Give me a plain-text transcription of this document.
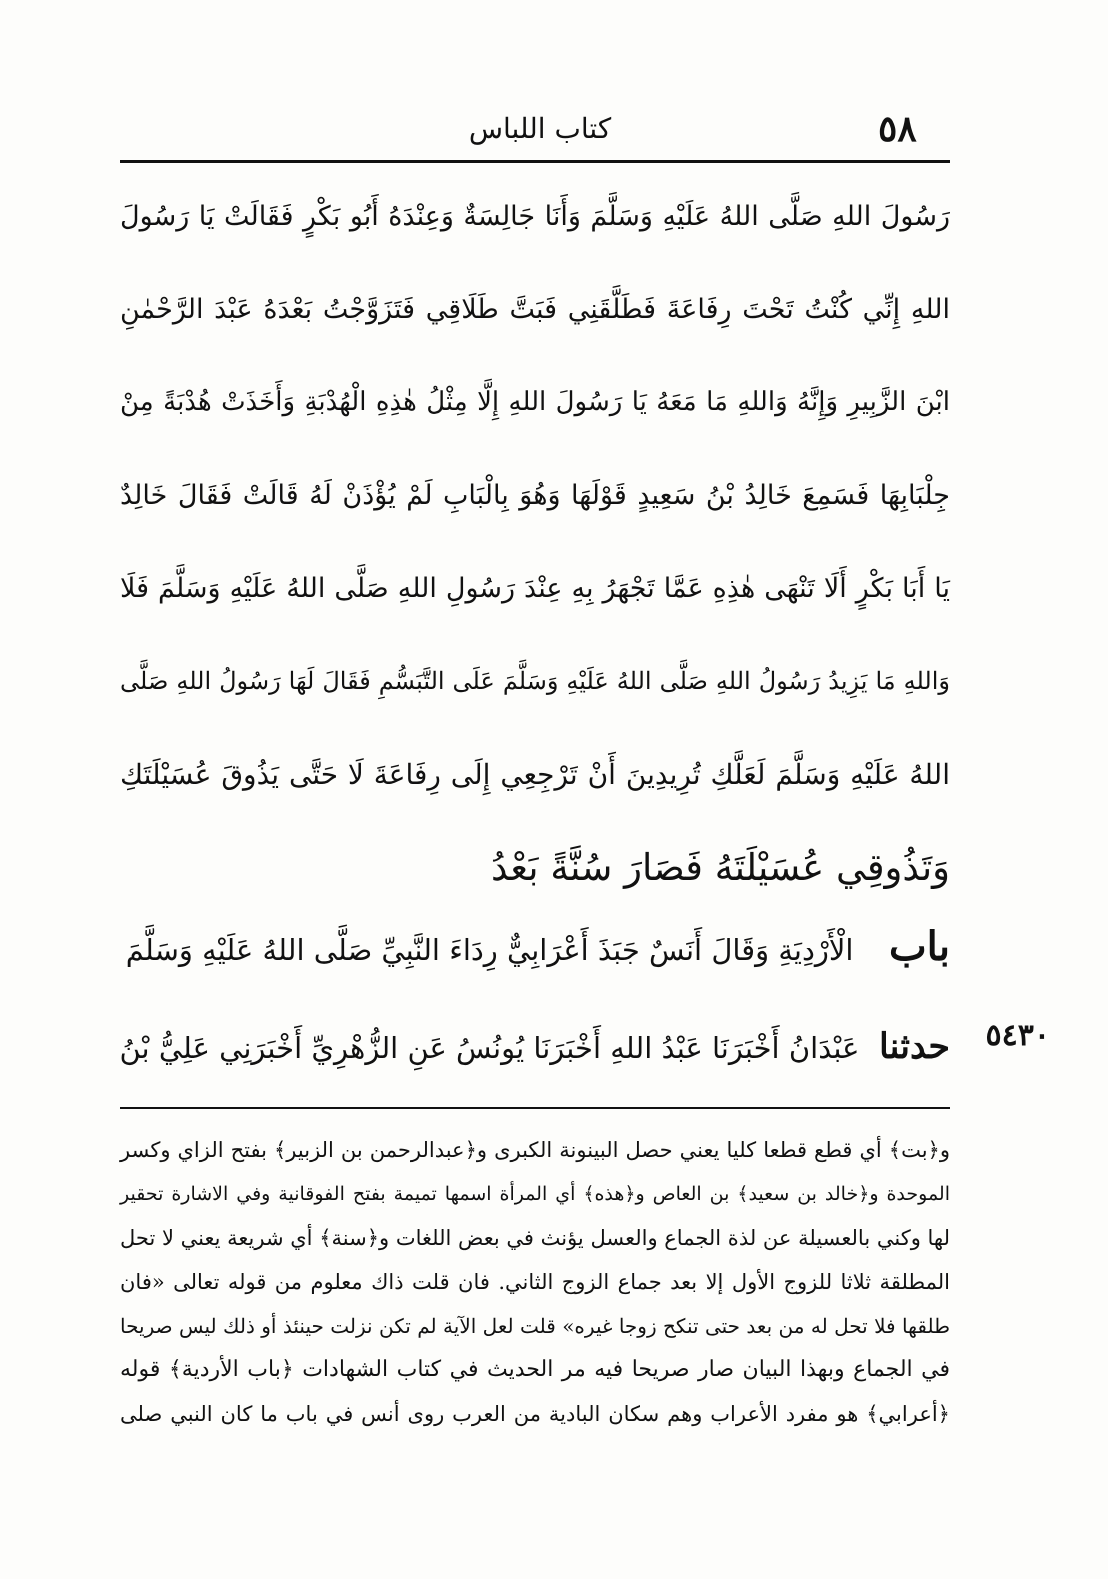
كتاب اللباس	٥٨
رَسُولَ اللهِ صَلَّى اللهُ عَلَيْهِ وَسَلَّمَ وَأَنَا جَالِسَةٌ وَعِنْدَهُ أَبُو بَكْرٍ فَقَالَتْ يَا رَسُولَ
اللهِ إِنِّي كُنْتُ تَحْتَ رِفَاعَةَ فَطَلَّقَنِي فَبَتَّ طَلَاقِي فَتَزَوَّجْتُ بَعْدَهُ عَبْدَ الرَّحْمٰنِ
ابْنَ الزَّبِيرِ وَإِنَّهُ وَاللهِ مَا مَعَهُ يَا رَسُولَ اللهِ إِلَّا مِثْلُ هٰذِهِ الْهُدْبَةِ وَأَخَذَتْ هُدْبَةً مِنْ
جِلْبَابِهَا فَسَمِعَ خَالِدُ بْنُ سَعِيدٍ قَوْلَهَا وَهُوَ بِالْبَابِ لَمْ يُؤْذَنْ لَهُ قَالَتْ فَقَالَ خَالِدٌ
يَا أَبَا بَكْرٍ أَلَا تَنْهَى هٰذِهِ عَمَّا تَجْهَرُ بِهِ عِنْدَ رَسُولِ اللهِ صَلَّى اللهُ عَلَيْهِ وَسَلَّمَ فَلَا
وَاللهِ مَا يَزِيدُ رَسُولُ اللهِ صَلَّى اللهُ عَلَيْهِ وَسَلَّمَ عَلَى التَّبَسُّمِ فَقَالَ لَهَا رَسُولُ اللهِ صَلَّى
اللهُ عَلَيْهِ وَسَلَّمَ لَعَلَّكِ تُرِيدِينَ أَنْ تَرْجِعِي إِلَى رِفَاعَةَ لَا حَتَّى يَذُوقَ عُسَيْلَتَكِ
وَتَذُوقِي عُسَيْلَتَهُ فَصَارَ سُنَّةً بَعْدُ
باب الْأَرْدِيَةِ وَقَالَ أَنَسٌ جَبَذَ أَعْرَابِيٌّ رِدَاءَ النَّبِيِّ صَلَّى اللهُ عَلَيْهِ وَسَلَّمَ
حدثنا عَبْدَانُ أَخْبَرَنَا عَبْدُ اللهِ أَخْبَرَنَا يُونُسُ عَنِ الزُّهْرِيِّ أَخْبَرَنِي عَلِيُّ بْنُ	٥٤٣٠
و﴿بت﴾ أي قطع قطعا كليا يعني حصل البينونة الكبرى و﴿عبدالرحمن بن الزبير﴾ بفتح الزاي وكسر
الموحدة و﴿خالد بن سعيد﴾ بن العاص و﴿هذه﴾ أي المرأة اسمها تميمة بفتح الفوقانية وفي الاشارة تحقير
لها وكني بالعسيلة عن لذة الجماع والعسل يؤنث في بعض اللغات و﴿سنة﴾ أي شريعة يعني لا تحل
المطلقة ثلاثا للزوج الأول إلا بعد جماع الزوج الثاني. فان قلت ذاك معلوم من قوله تعالى «فان
طلقها فلا تحل له من بعد حتى تنكح زوجا غيره» قلت لعل الآية لم تكن نزلت حينئذ أو ذلك ليس صريحا
في الجماع وبهذا البيان صار صريحا فيه مر الحديث في كتاب الشهادات ﴿باب الأردية﴾ قوله
﴿أعرابي﴾ هو مفرد الأعراب وهم سكان البادية من العرب روى أنس في باب ما كان النبي صلى
